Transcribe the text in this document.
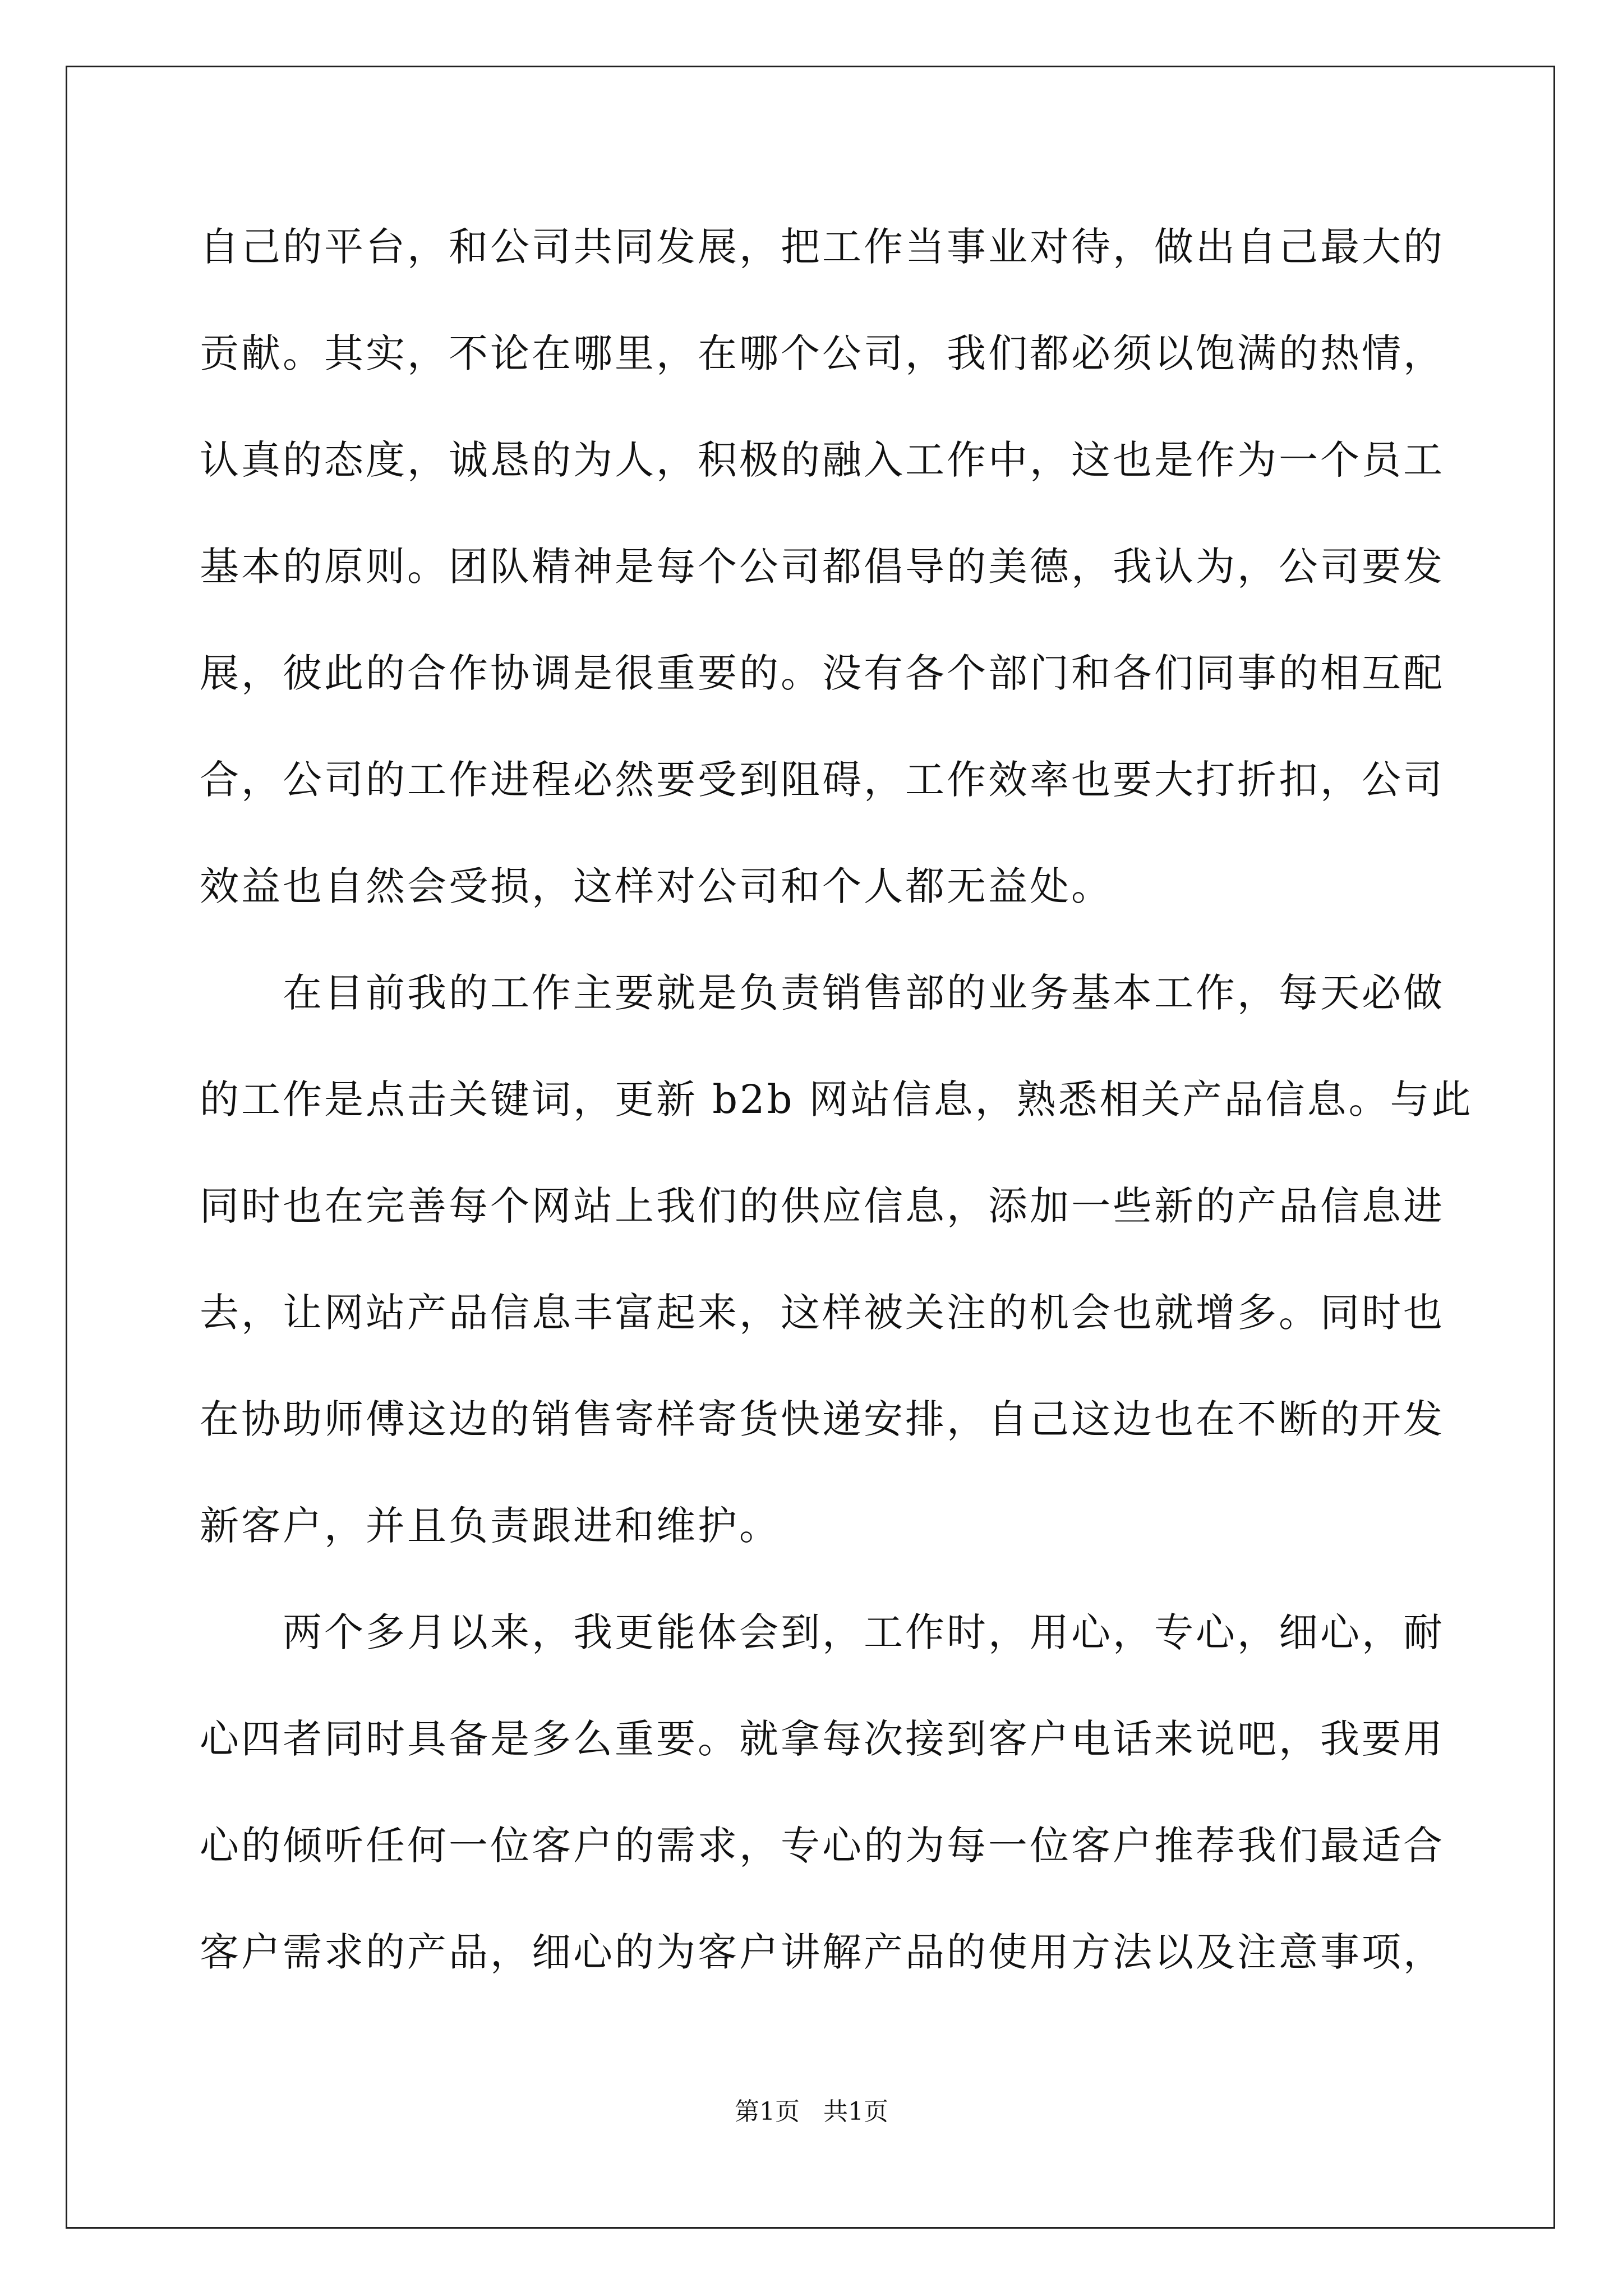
自己的平台，和公司共同发展，把工作当事业对待，做出自己最大的
贡献。其实，不论在哪里，在哪个公司，我们都必须以饱满的热情，
认真的态度，诚恳的为人，积极的融入工作中，这也是作为一个员工
基本的原则。团队精神是每个公司都倡导的美德，我认为，公司要发
展，彼此的合作协调是很重要的。没有各个部门和各们同事的相互配
合，公司的工作进程必然要受到阻碍，工作效率也要大打折扣，公司
效益也自然会受损，这样对公司和个人都无益处。
　　在目前我的工作主要就是负责销售部的业务基本工作，每天必做
的工作是点击关键词，更新 b2b 网站信息，熟悉相关产品信息。与此
同时也在完善每个网站上我们的供应信息，添加一些新的产品信息进
去，让网站产品信息丰富起来，这样被关注的机会也就增多。同时也
在协助师傅这边的销售寄样寄货快递安排，自己这边也在不断的开发
新客户，并且负责跟进和维护。
　　两个多月以来，我更能体会到，工作时，用心，专心，细心，耐
心四者同时具备是多么重要。就拿每次接到客户电话来说吧，我要用
心的倾听任何一位客户的需求，专心的为每一位客户推荐我们最适合
客户需求的产品，细心的为客户讲解产品的使用方法以及注意事项，
第1页   共1页
